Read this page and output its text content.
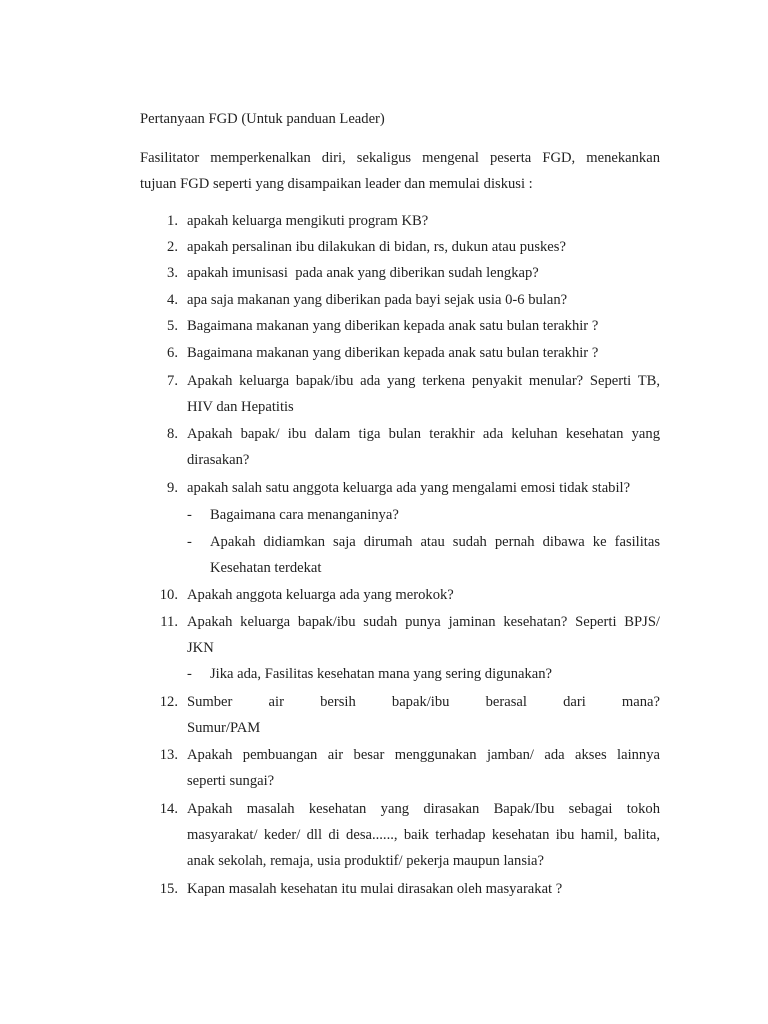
Pertanyaan FGD (Untuk panduan Leader)
Fasilitator memperkenalkan diri, sekaligus mengenal peserta FGD, menekankan
tujuan FGD seperti yang disampaikan leader dan memulai diskusi :
1. apakah keluarga mengikuti program KB?
2. apakah persalinan ibu dilakukan di bidan, rs, dukun atau puskes?
3. apakah imunisasi  pada anak yang diberikan sudah lengkap?
4. apa saja makanan yang diberikan pada bayi sejak usia 0-6 bulan?
5. Bagaimana makanan yang diberikan kepada anak satu bulan terakhir ?
6. Bagaimana makanan yang diberikan kepada anak satu bulan terakhir ?
7. Apakah keluarga bapak/ibu ada yang terkena penyakit menular? Seperti TB,
HIV dan Hepatitis
8. Apakah bapak/ ibu dalam tiga bulan terakhir ada keluhan kesehatan yang
dirasakan?
9. apakah salah satu anggota keluarga ada yang mengalami emosi tidak stabil?
- Bagaimana cara menanganinya?
- Apakah didiamkan saja dirumah atau sudah pernah dibawa ke fasilitas
Kesehatan terdekat
10. Apakah anggota keluarga ada yang merokok?
11. Apakah keluarga bapak/ibu sudah punya jaminan kesehatan? Seperti BPJS/
JKN
- Jika ada, Fasilitas kesehatan mana yang sering digunakan?
12. Sumber air bersih bapak/ibu berasal dari mana?
Sumur/PAM
13. Apakah pembuangan air besar menggunakan jamban/ ada akses lainnya
seperti sungai?
14. Apakah masalah kesehatan yang dirasakan Bapak/Ibu sebagai tokoh
masyarakat/ keder/ dll di desa......, baik terhadap kesehatan ibu hamil, balita,
anak sekolah, remaja, usia produktif/ pekerja maupun lansia?
15. Kapan masalah kesehatan itu mulai dirasakan oleh masyarakat ?
